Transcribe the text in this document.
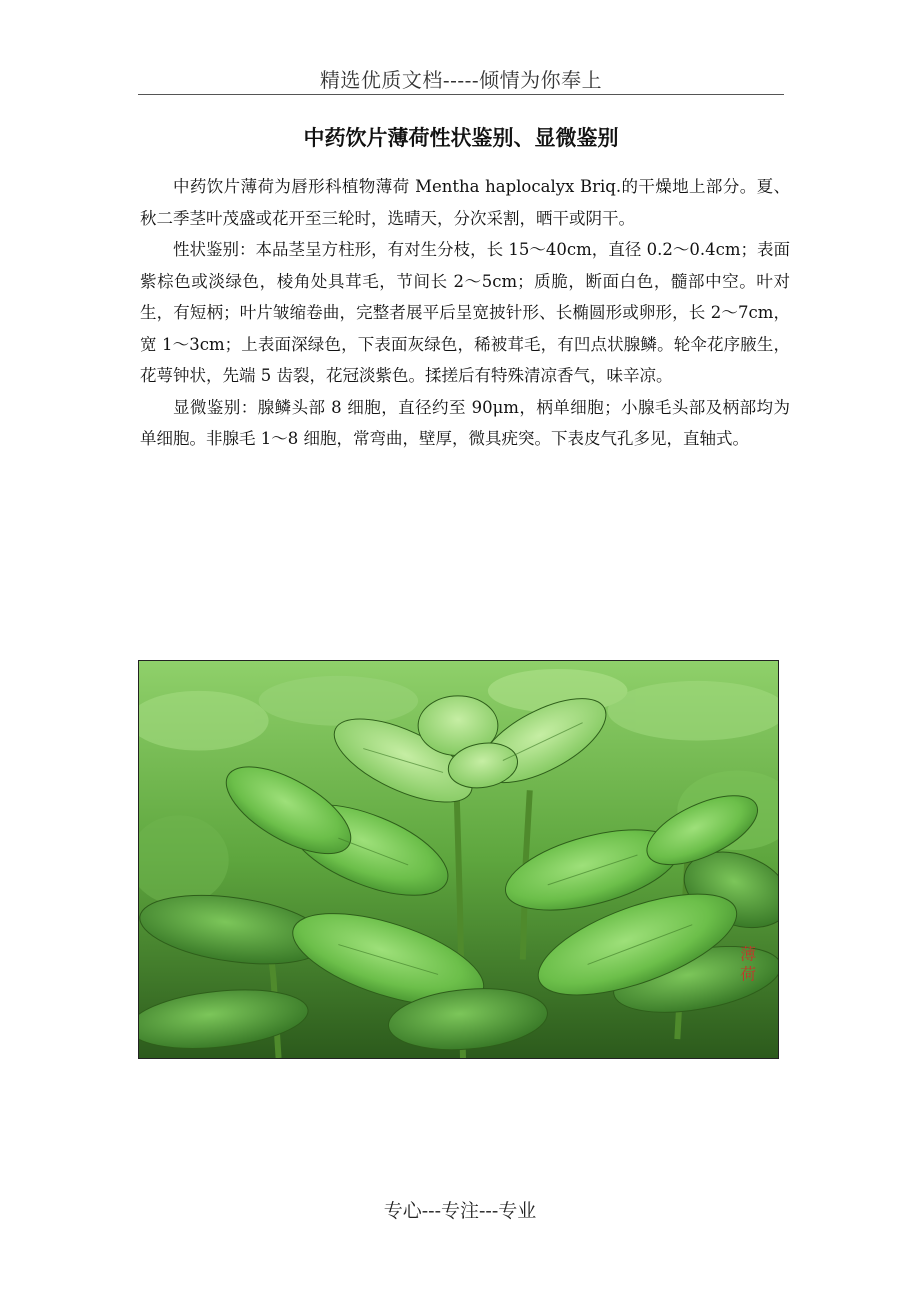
精选优质文档-----倾情为你奉上
中药饮片薄荷性状鉴别、显微鉴别

中药饮片薄荷为唇形科植物薄荷 Mentha haplocalyx Briq.的干燥地上部分。夏、秋二季茎叶茂盛或花开至三轮时，选晴天，分次采割，晒干或阴干。

性状鉴别：本品茎呈方柱形，有对生分枝，长 15～40cm，直径 0.2～0.4cm；表面紫棕色或淡绿色，棱角处具茸毛，节间长 2～5cm；质脆，断面白色，髓部中空。叶对生，有短柄；叶片皱缩卷曲，完整者展平后呈宽披针形、长椭圆形或卵形，长 2～7cm，宽 1～3cm；上表面深绿色，下表面灰绿色，稀被茸毛，有凹点状腺鳞。轮伞花序腋生，花萼钟状，先端 5 齿裂，花冠淡紫色。揉搓后有特殊清凉香气，味辛凉。

显微鉴别：腺鳞头部 8 细胞，直径约至 90μm，柄单细胞；小腺毛头部及柄部均为单细胞。非腺毛 1～8 细胞，常弯曲，壁厚，微具疣突。下表皮气孔多见，直轴式。

薄
荷
专心---专注---专业
